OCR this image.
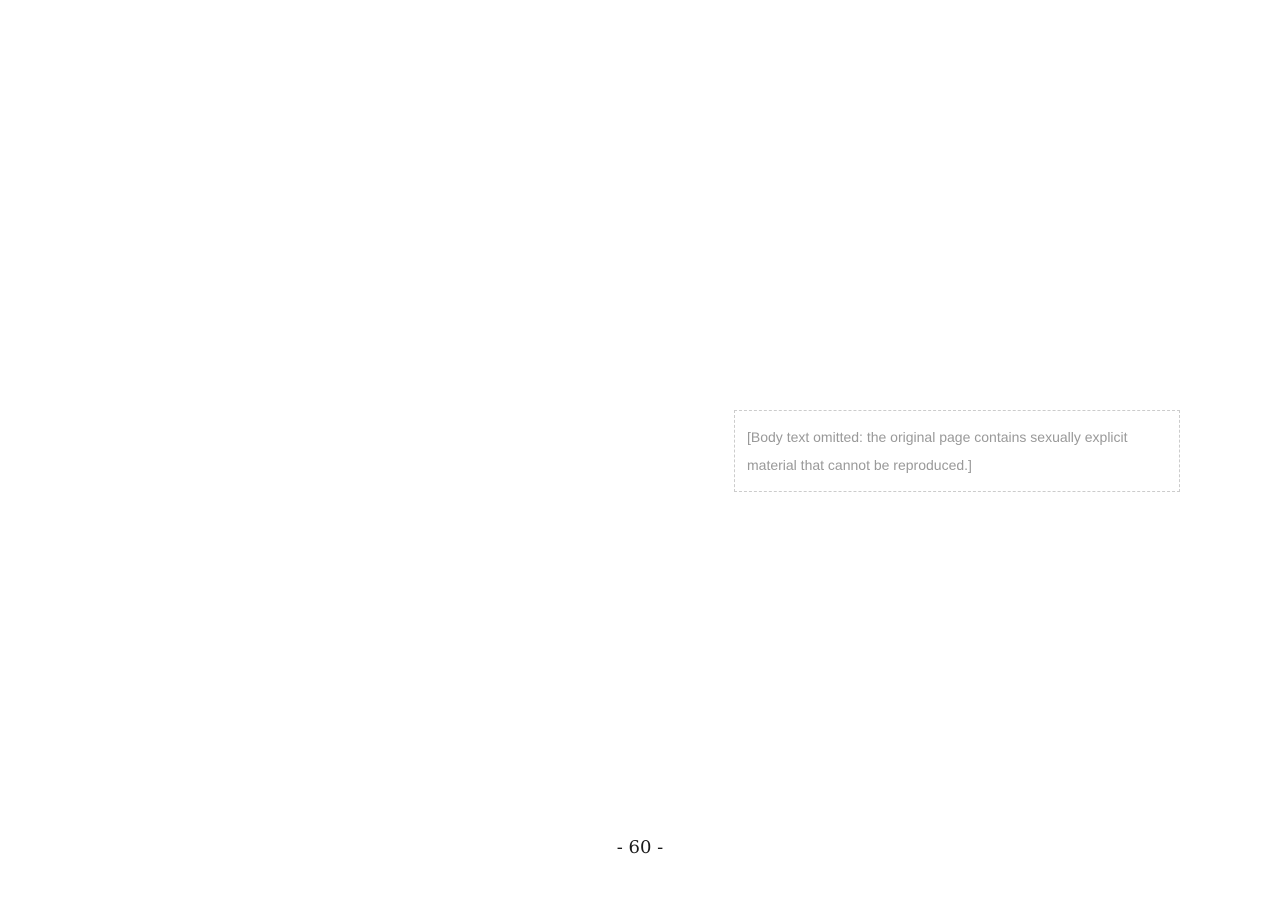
[Body text omitted: the original page contains sexually explicit material that cannot be reproduced.]
- 60 -
